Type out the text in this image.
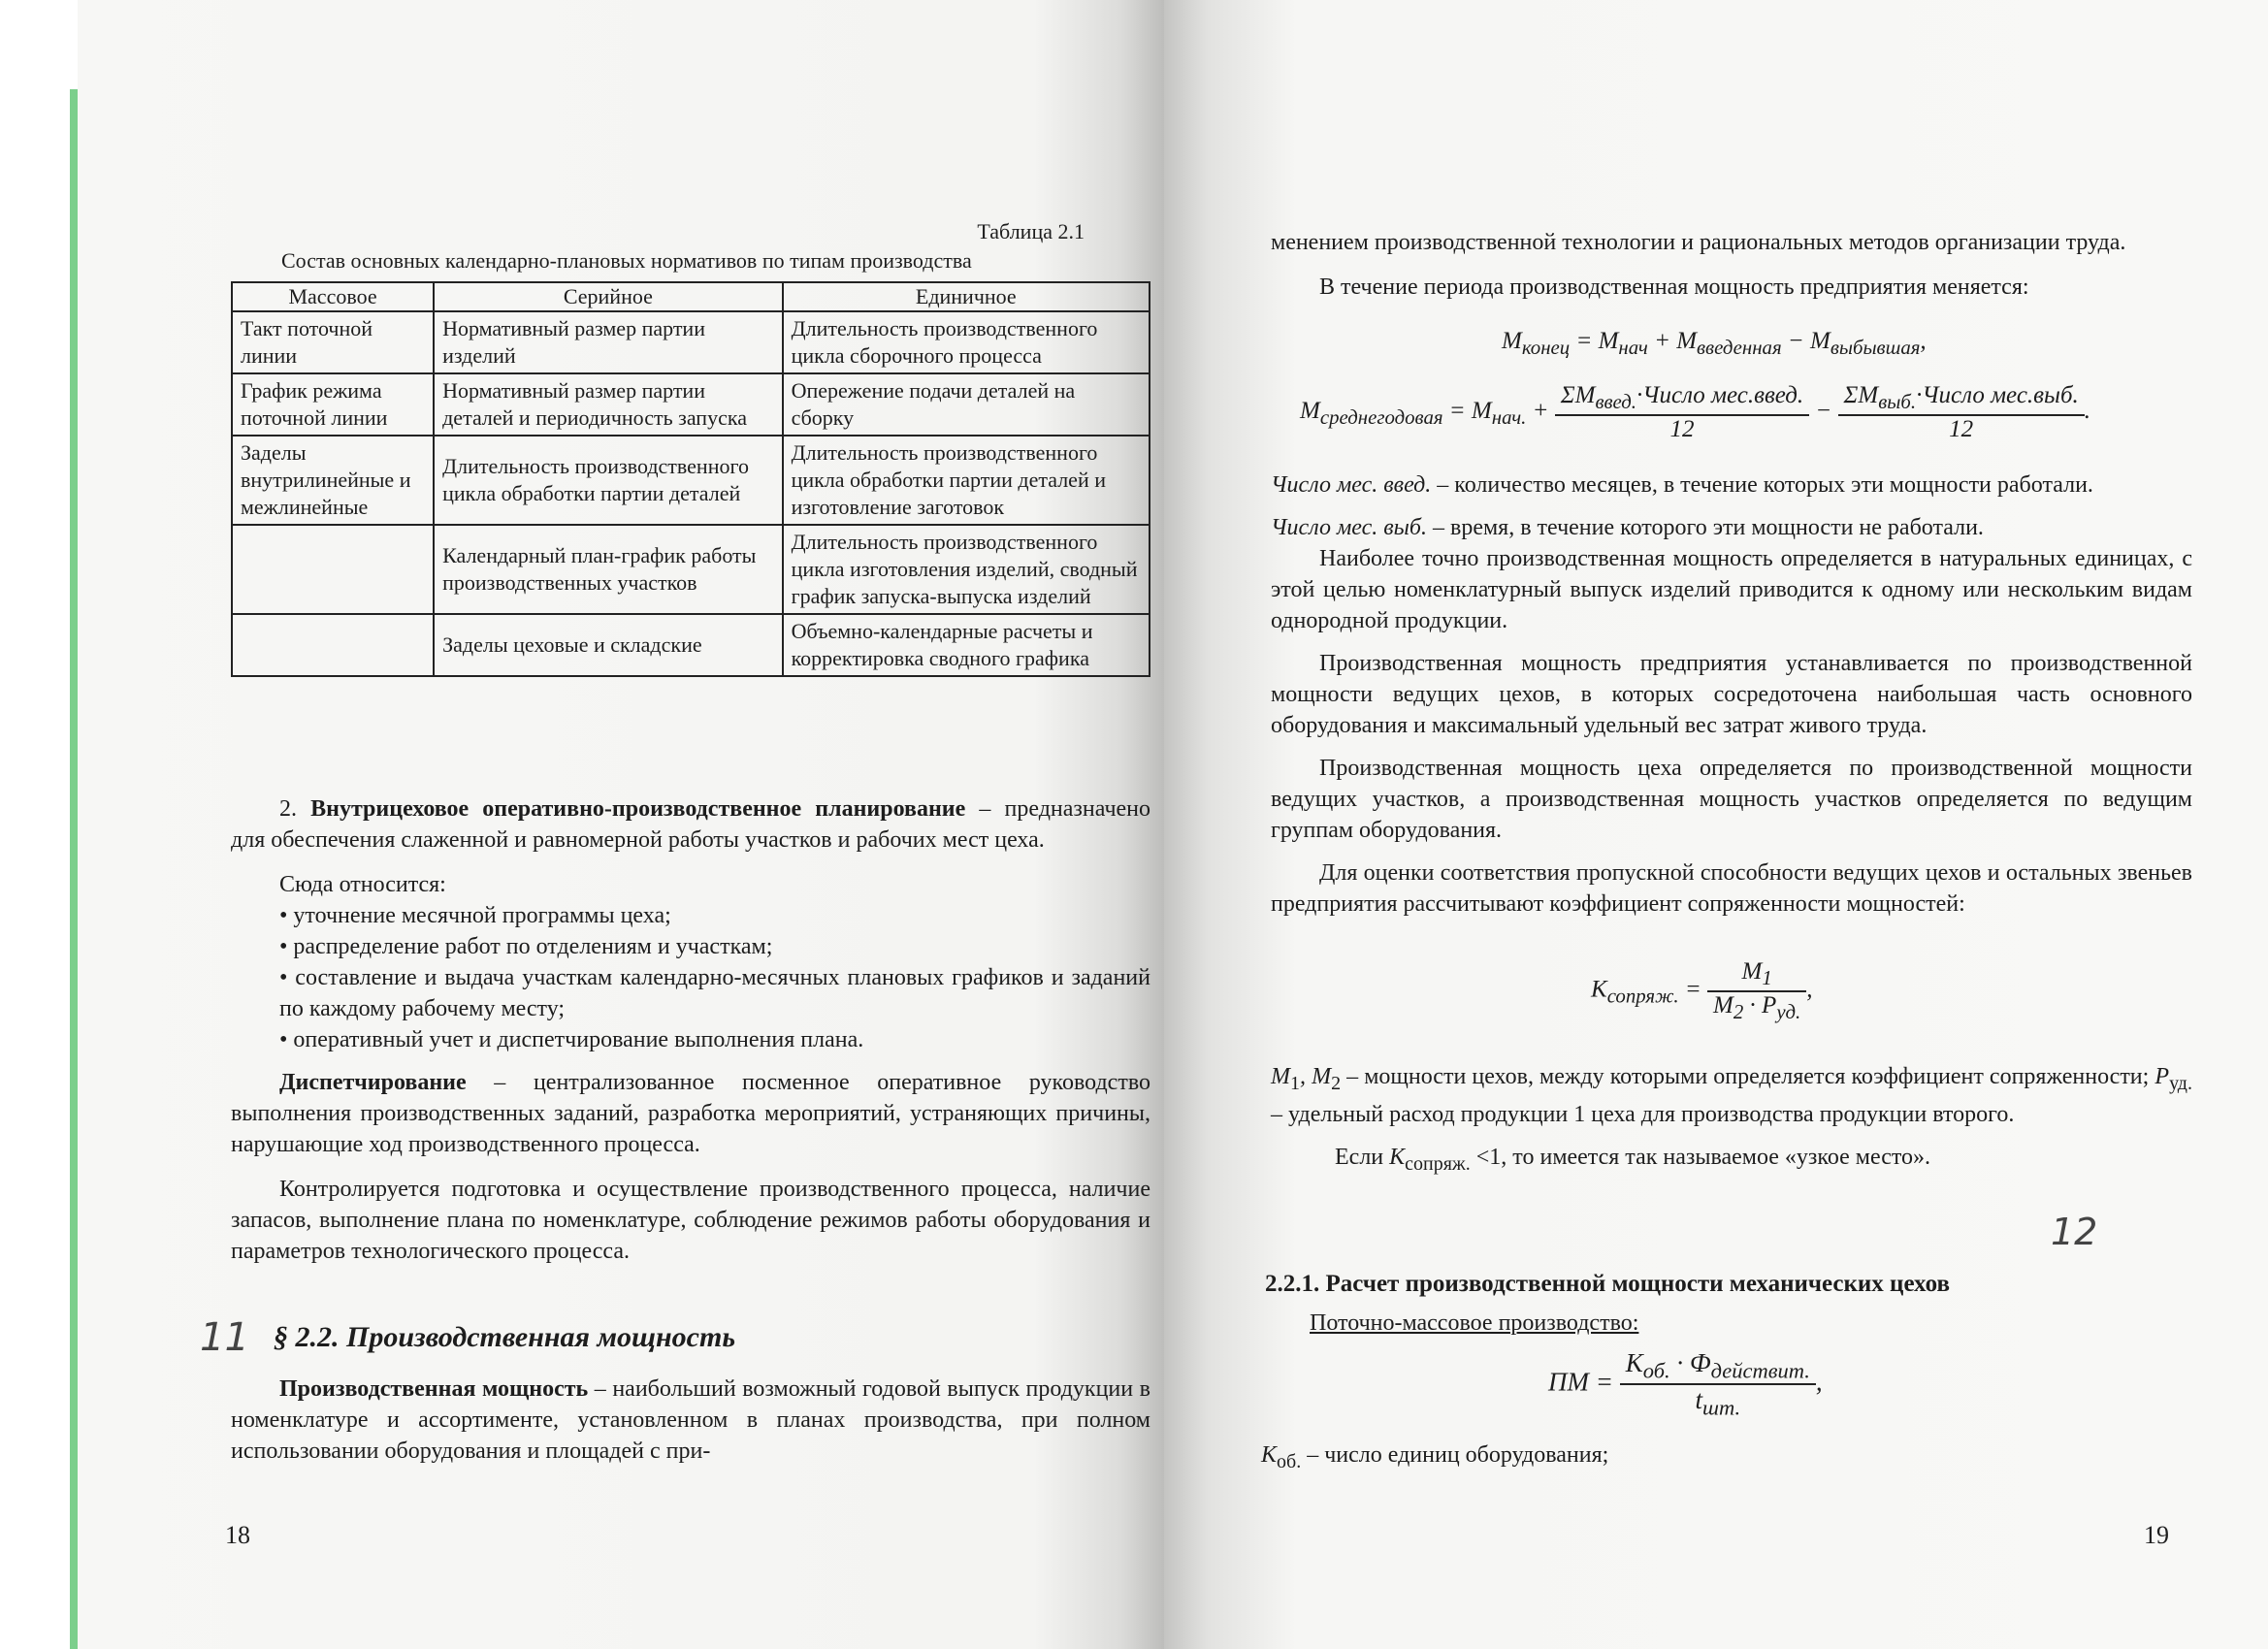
Таблица 2.1
Состав основных календарно-плановых нормативов по типам производства
Массовое	Серийное	Единичное
Такт поточной линии	Нормативный размер партии изделий	Длительность производственного цикла сборочного процесса
График режима поточной линии	Нормативный размер партии деталей и периодичность запуска	Опережение подачи деталей на сборку
Заделы внутрилинейные и межлинейные	Длительность производственного цикла обработки партии деталей	Длительность производственного цикла обработки партии деталей и изготовление заготовок
	Календарный план-график работы производственных участков	Длительность производственного цикла изготовления изделий, сводный график запуска-выпуска изделий
	Заделы цеховые и складские	Объемно-календарные расчеты и корректировка сводного графика

2. Внутрицеховое оперативно-производственное планирование – предназначено для обеспечения слаженной и равномерной работы участков и рабочих мест цеха.

Сюда относится:

• уточнение месячной программы цеха;

• распределение работ по отделениям и участкам;

• составление и выдача участкам календарно-месячных плановых графиков и заданий по каждому рабочему месту;

• оперативный учет и диспетчирование выполнения плана.

Диспетчирование – централизованное посменное оперативное руководство выполнения производственных заданий, разработка мероприятий, устраняющих причины, нарушающие ход производственного процесса.

Контролируется подготовка и осуществление производственного процесса, наличие запасов, выполнение плана по номенклатуре, соблюдение режимов работы оборудования и параметров технологического процесса.

§ 2.2. Производственная мощность

Производственная мощность – наибольший возможный годовой выпуск продукции в номенклатуре и ассортименте, установленном в планах производства, при полном использовании оборудования и площадей с при-

18
11

менением производственной технологии и рациональных методов организации труда.

В течение периода производственная мощность предприятия меняется:

$M_{конец} = M_{нач} + M_{введенная} - M_{выбывшая}$,
$M_{среднегодовая} = M_{нач.} + \frac{\Sigma M_{введ.}\cdot Число мес.введ.}{12} - \frac{\Sigma M_{выб.}\cdot Число мес.выб.}{12}$ .

Число мес. введ. – количество месяцев, в течение которых эти мощности работали.

Число мес. выб. – время, в течение которого эти мощности не работали.

Наиболее точно производственная мощность определяется в натуральных единицах, с этой целью номенклатурный выпуск изделий приводится к одному или нескольким видам однородной продукции.

Производственная мощность предприятия устанавливается по производственной мощности ведущих цехов, в которых сосредоточена наибольшая часть основного оборудования и максимальный удельный вес затрат живого труда.

Производственная мощность цеха определяется по производственной мощности ведущих участков, а производственная мощность участков определяется по ведущим группам оборудования.

Для оценки соответствия пропускной способности ведущих цехов и остальных звеньев предприятия рассчитывают коэффициент сопряженности мощностей:

$K_{сопряж.} = \frac{M_1}{M_2 \cdot P_{уд.}}$ ,

$M_1$, $M_2$ – мощности цехов, между которыми определяется коэффициент сопряженности; $P_{уд.}$ – удельный расход продукции 1 цеха для производства продукции второго.

Если $K_{сопряж.} <1$, то имеется так называемое «узкое место».

2.2.1. Расчет производственной мощности механических цехов
Поточно-массовое производство:
ПМ = $\frac{K_{об.} \cdot Ф_{действит.}}{t_{шт.}}$ ,

$K_{об.}$ – число единиц оборудования;

19
12
